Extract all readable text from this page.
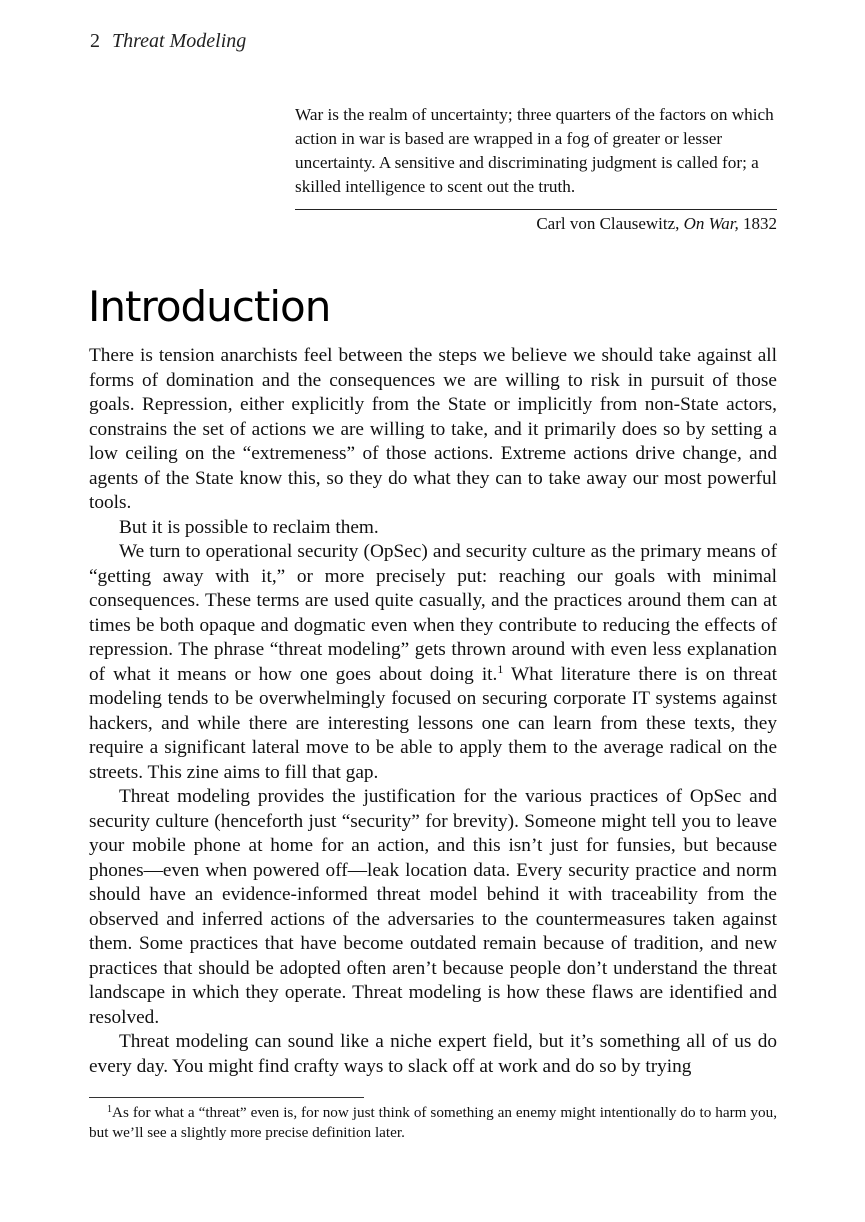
2 Threat Modeling
War is the realm of uncertainty; three quarters of the factors on which action in war is based are wrapped in a fog of greater or lesser uncertainty. A sensitive and discriminating judgment is called for; a skilled intelligence to scent out the truth.
Carl von Clausewitz, On War, 1832
Introduction

There is tension anarchists feel between the steps we believe we should take against all forms of domination and the consequences we are willing to risk in pursuit of those goals. Repression, either explicitly from the State or implicitly from non-State actors, constrains the set of actions we are willing to take, and it primarily does so by setting a low ceiling on the “extremeness” of those actions. Extreme actions drive change, and agents of the State know this, so they do what they can to take away our most powerful tools.

But it is possible to reclaim them.

We turn to operational security (OpSec) and security culture as the primary means of “getting away with it,” or more precisely put: reaching our goals with minimal consequences. These terms are used quite casually, and the practices around them can at times be both opaque and dogmatic even when they contribute to reducing the effects of repression. The phrase “threat modeling” gets thrown around with even less explanation of what it means or how one goes about doing it.$^1$ What literature there is on threat modeling tends to be overwhelmingly focused on securing corporate IT systems against hackers, and while there are interesting lessons one can learn from these texts, they require a significant lateral move to be able to apply them to the average radical on the streets. This zine aims to fill that gap.

Threat modeling provides the justification for the various practices of OpSec and security culture (henceforth just “security” for brevity). Someone might tell you to leave your mobile phone at home for an action, and this isn’t just for funsies, but because phones—even when powered off—leak location data. Every security practice and norm should have an evidence-informed threat model behind it with traceability from the observed and inferred actions of the adversaries to the countermeasures taken against them. Some practices that have become outdated remain because of tradition, and new practices that should be adopted often aren’t because people don’t understand the threat landscape in which they operate. Threat modeling is how these flaws are identified and resolved.

Threat modeling can sound like a niche expert field, but it’s something all of us do every day. You might find crafty ways to slack off at work and do so by trying

$^1$As for what a “threat” even is, for now just think of something an enemy might intentionally do to harm you, but we’ll see a slightly more precise definition later.
